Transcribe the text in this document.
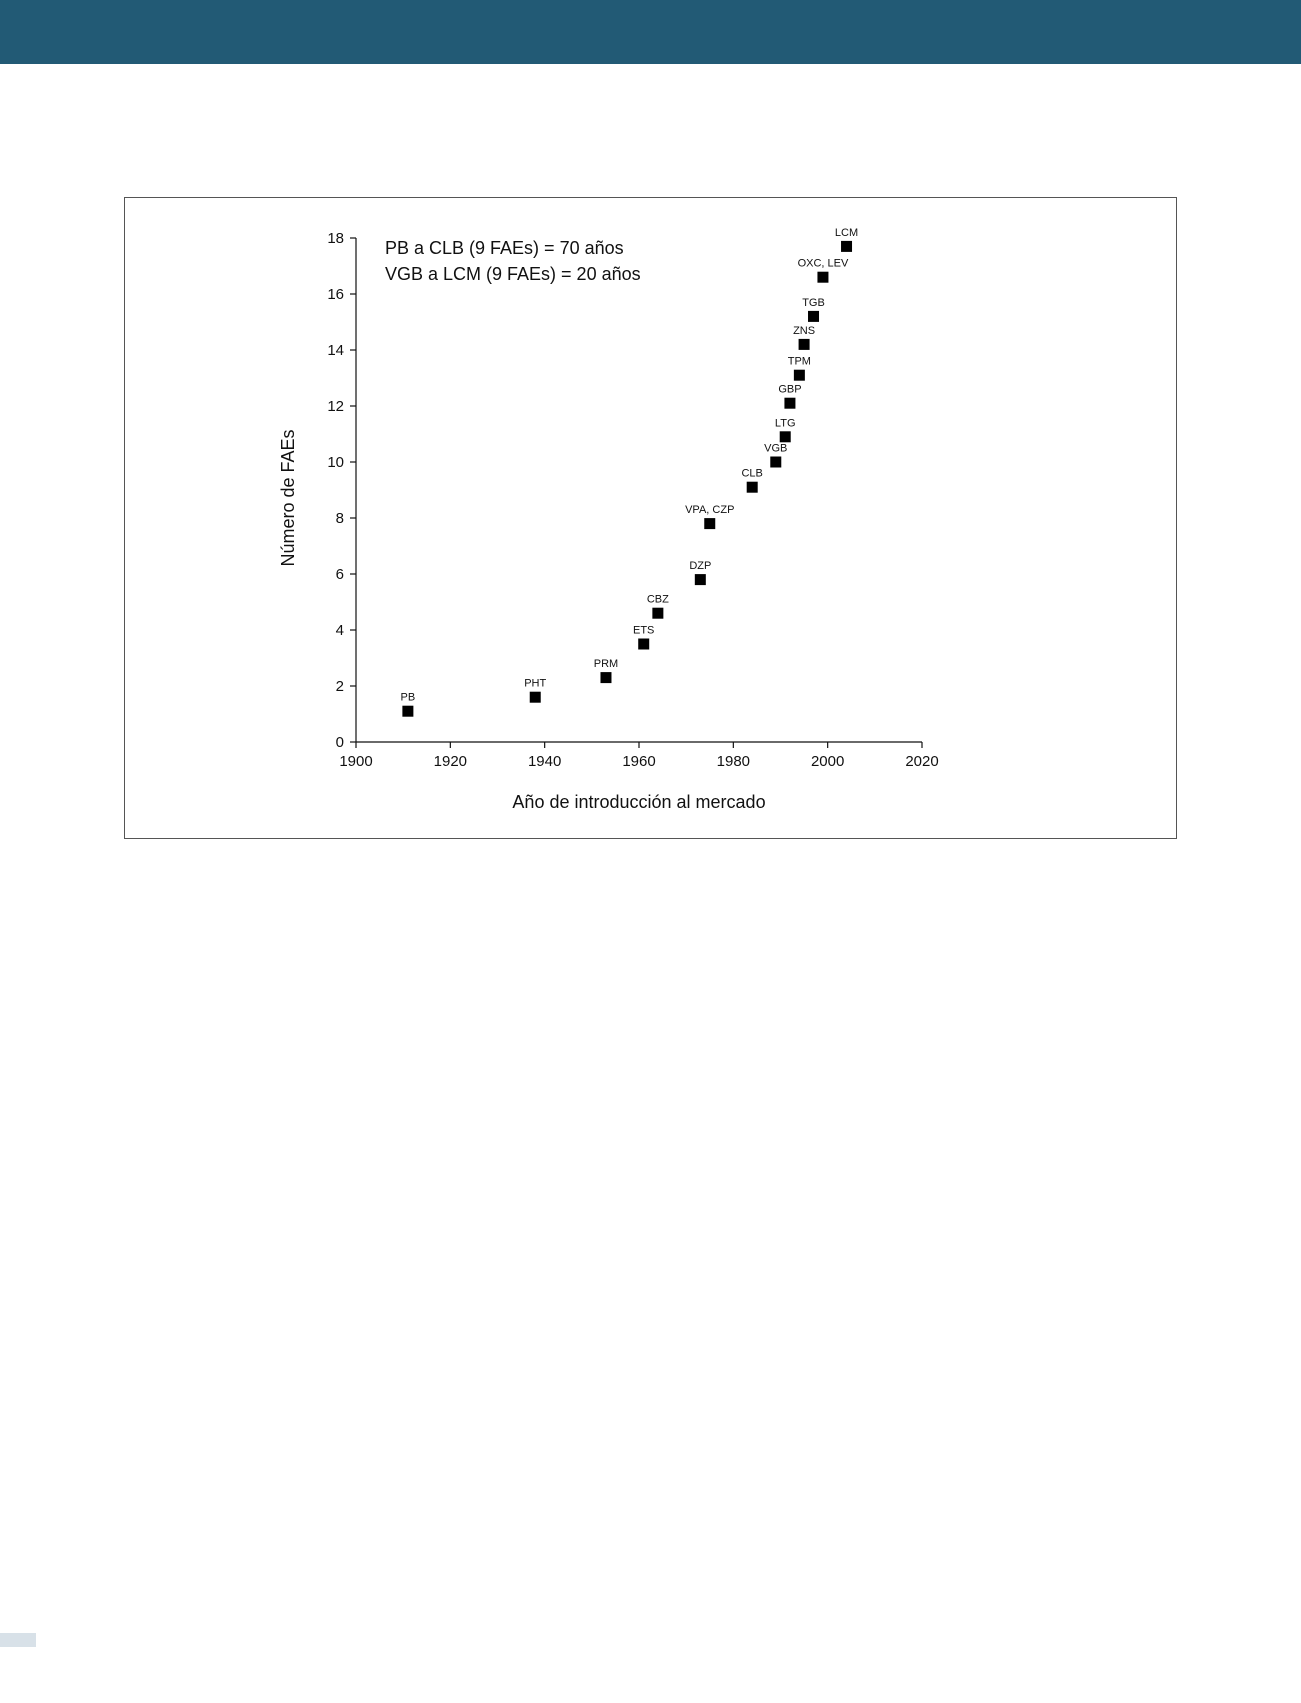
0
2
4
6
8
10
12
14
16
18
1900	1920	1940	1960	1980	2000	2020
PB
PHT
PRM
ETS
CBZ
DZP
VPA, CZP
CLB
VGB
LTG
GBP
TPM
ZNS
TGB
OXC, LEV
LCM
PB a CLB (9 FAEs) = 70 años
VGB a LCM (9 FAEs) = 20 años
Año de introducción al mercado
Número de FAEs
